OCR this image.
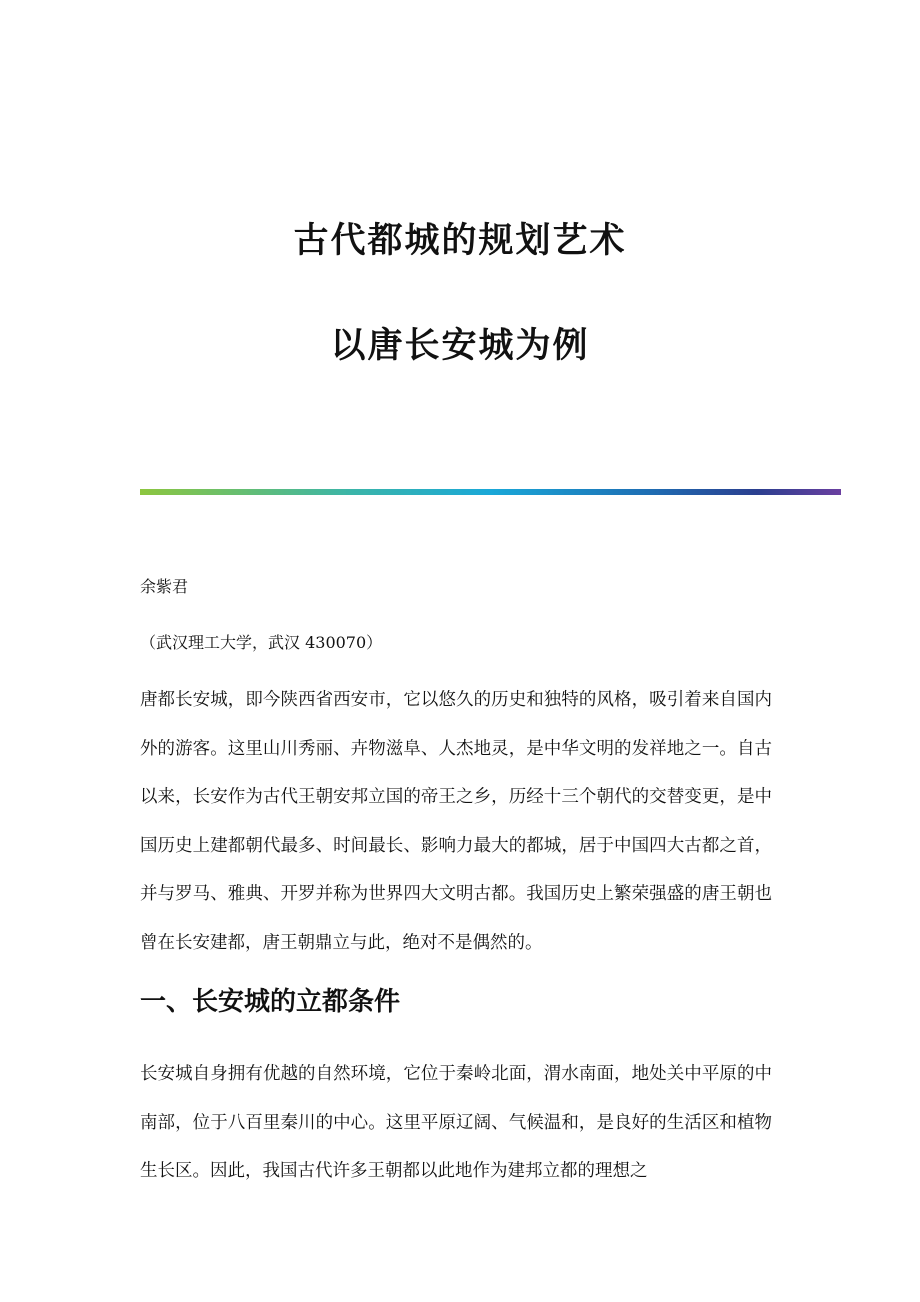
古代都城的规划艺术
以唐长安城为例
余紫君
（武汉理工大学，武汉 430070）

唐都长安城，即今陕西省西安市，它以悠久的历史和独特的风格，吸引着来自国内外的游客。这里山川秀丽、卉物滋阜、人杰地灵，是中华文明的发祥地之一。自古以来，长安作为古代王朝安邦立国的帝王之乡，历经十三个朝代的交替变更，是中国历史上建都朝代最多、时间最长、影响力最大的都城，居于中国四大古都之首，并与罗马、雅典、开罗并称为世界四大文明古都。我国历史上繁荣强盛的唐王朝也曾在长安建都，唐王朝鼎立与此，绝对不是偶然的。

一、长安城的立都条件

长安城自身拥有优越的自然环境，它位于秦岭北面，渭水南面，地处关中平原的中南部，位于八百里秦川的中心。这里平原辽阔、气候温和，是良好的生活区和植物生长区。因此，我国古代许多王朝都以此地作为建邦立都的理想之
